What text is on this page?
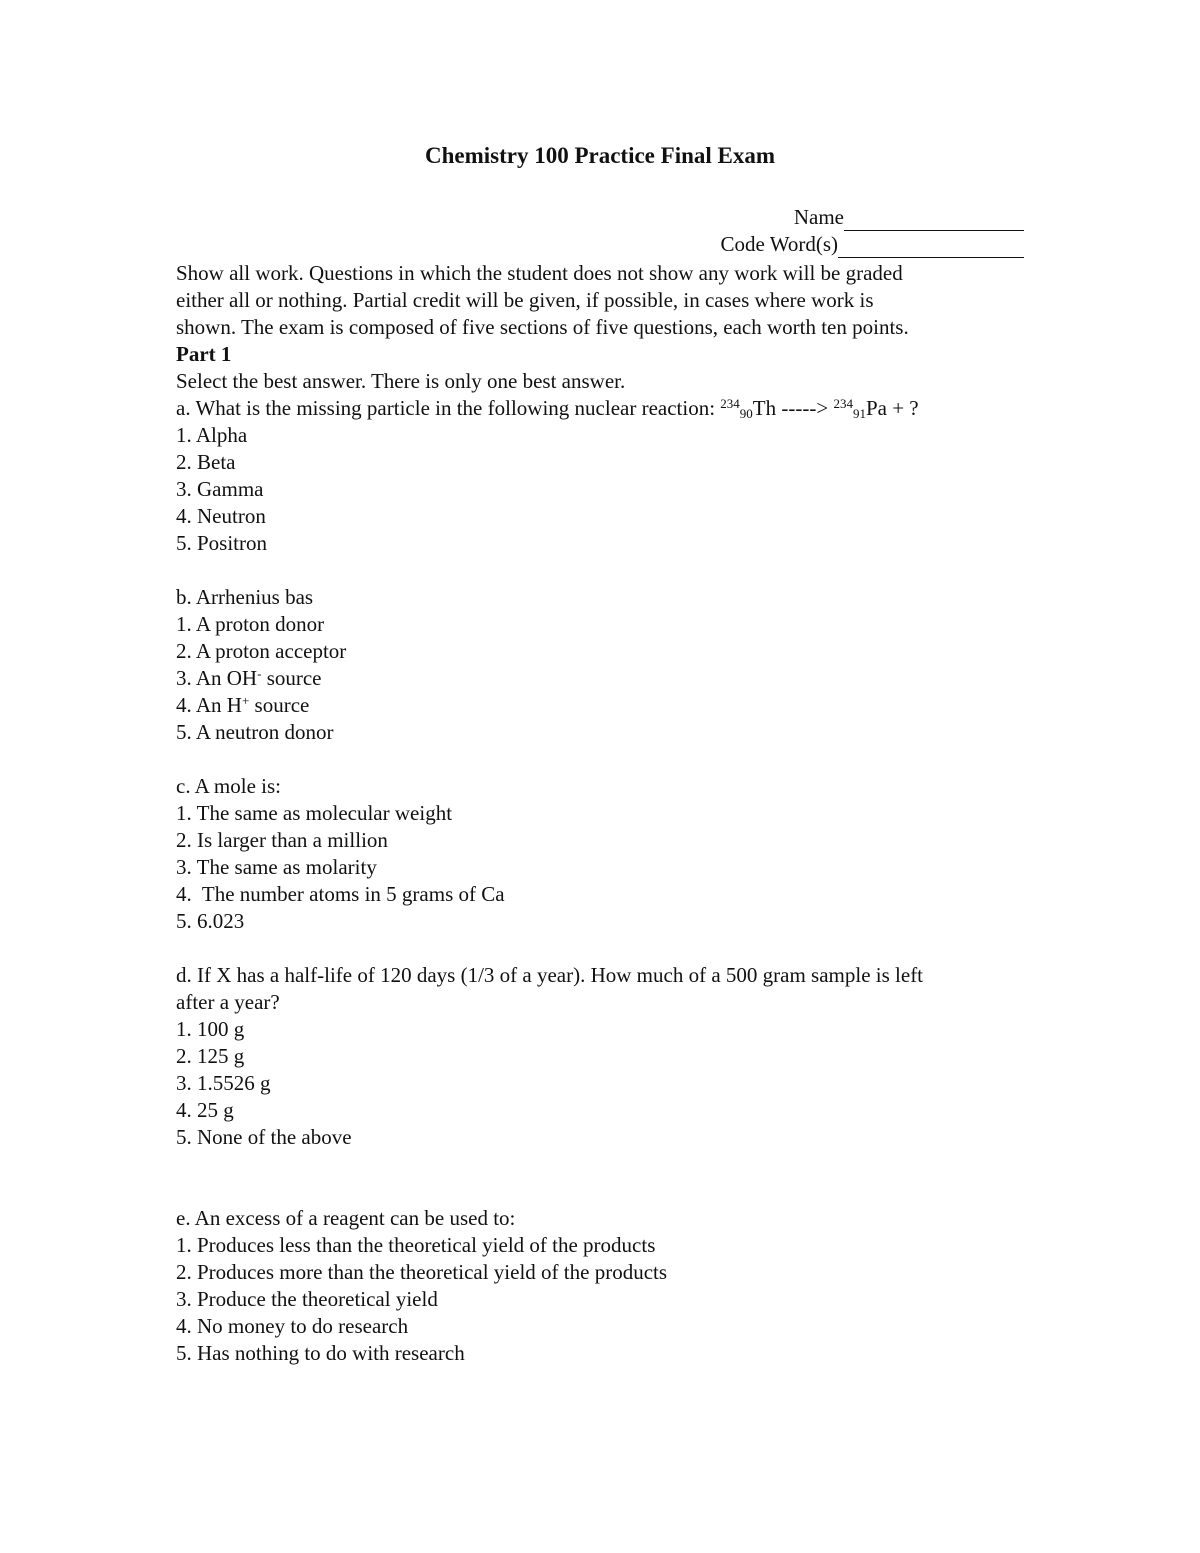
Chemistry 100 Practice Final Exam
Name
Code Word(s)
Show all work. Questions in which the student does not show any work will be graded
either all or nothing. Partial credit will be given, if possible, in cases where work is
shown. The exam is composed of five sections of five questions, each worth ten points.
Part 1
Select the best answer. There is only one best answer.
a. What is the missing particle in the following nuclear reaction: $^{234}_{90}$Th -----> $^{234}_{91}$Pa + ?
1. Alpha
2. Beta
3. Gamma
4. Neutron
5. Positron
b. Arrhenius bas
1. A proton donor
2. A proton acceptor
3. An OH- source
4. An H+ source
5. A neutron donor
c. A mole is:
1. The same as molecular weight
2. Is larger than a million
3. The same as molarity
4.  The number atoms in 5 grams of Ca
5. 6.023
d. If X has a half-life of 120 days (1/3 of a year). How much of a 500 gram sample is left
after a year?
1. 100 g
2. 125 g
3. 1.5526 g
4. 25 g
5. None of the above
e. An excess of a reagent can be used to:
1. Produces less than the theoretical yield of the products
2. Produces more than the theoretical yield of the products
3. Produce the theoretical yield
4. No money to do research
5. Has nothing to do with research
